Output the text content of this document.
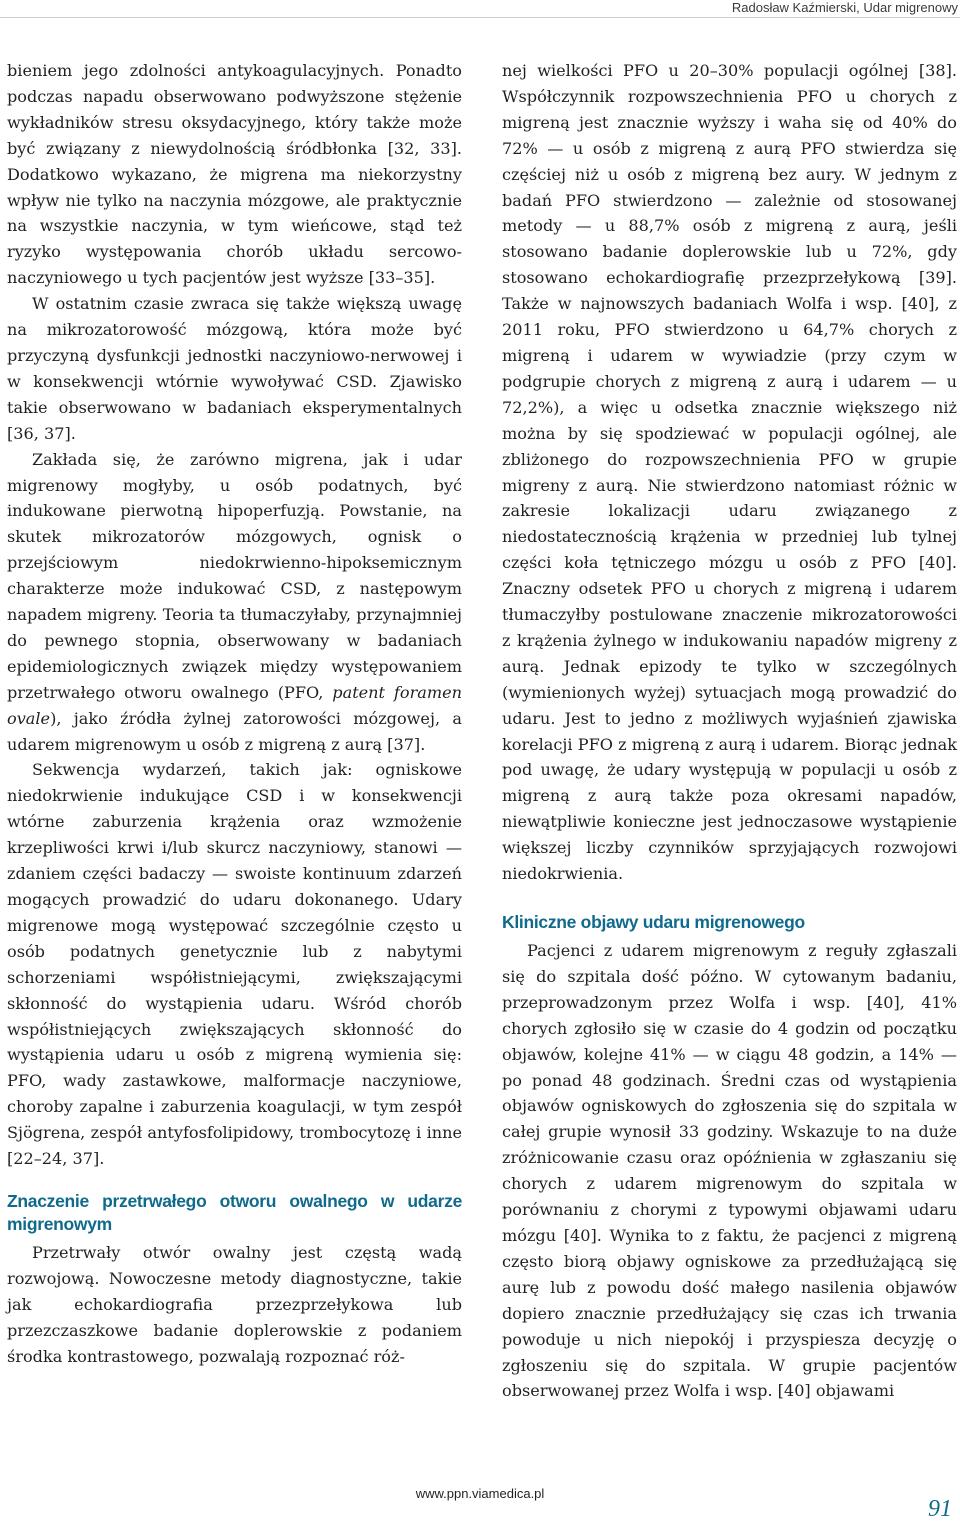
Radosław Kaźmierski, Udar migrenowy

bieniem jego zdolności antykoagulacyjnych. Ponadto podczas napadu obserwowano podwyższone stężenie wykładników stresu oksydacyjnego, który także może być związany z niewydolnością śródbłonka [32, 33]. Dodatkowo wykazano, że migrena ma niekorzystny wpływ nie tylko na naczynia mózgowe, ale praktycznie na wszystkie naczynia, w tym wieńcowe, stąd też ryzyko występowania chorób układu sercowo-naczyniowego u tych pacjentów jest wyższe [33–35].

W ostatnim czasie zwraca się także większą uwagę na mikrozatorowość mózgową, która może być przyczyną dysfunkcji jednostki naczyniowo-nerwowej i w konsekwencji wtórnie wywoływać CSD. Zjawisko takie obserwowano w badaniach eksperymentalnych [36, 37].

Zakłada się, że zarówno migrena, jak i udar migrenowy mogłyby, u osób podatnych, być indukowane pierwotną hipoperfuzją. Powstanie, na skutek mikrozatorów mózgowych, ognisk o przejściowym niedokrwienno-hipoksemicznym charakterze może indukować CSD, z następowym napadem migreny. Teoria ta tłumaczyłaby, przynajmniej do pewnego stopnia, obserwowany w badaniach epidemiologicznych związek między występowaniem przetrwałego otworu owalnego (PFO, patent foramen ovale), jako źródła żylnej zatorowości mózgowej, a udarem migrenowym u osób z migreną z aurą [37].

Sekwencja wydarzeń, takich jak: ogniskowe niedokrwienie indukujące CSD i w konsekwencji wtórne zaburzenia krążenia oraz wzmożenie krzepliwości krwi i/lub skurcz naczyniowy, stanowi — zdaniem części badaczy — swoiste kontinuum zdarzeń mogących prowadzić do udaru dokonanego. Udary migrenowe mogą występować szczególnie często u osób podatnych genetycznie lub z nabytymi schorzeniami współistniejącymi, zwiększającymi skłonność do wystąpienia udaru. Wśród chorób współistniejących zwiększających skłonność do wystąpienia udaru u osób z migreną wymienia się: PFO, wady zastawkowe, malformacje naczyniowe, choroby zapalne i zaburzenia koagulacji, w tym zespół Sjögrena, zespół antyfosfolipidowy, trombocytozę i inne [22–24, 37].

Znaczenie przetrwałego otworu owalnego w udarze migrenowym

Przetrwały otwór owalny jest częstą wadą rozwojową. Nowoczesne metody diagnostyczne, takie jak echokardiografia przezprzełykowa lub przezczaszkowe badanie doplerowskie z podaniem środka kontrastowego, pozwalają rozpoznać róż-

nej wielkości PFO u 20–30% populacji ogólnej [38]. Współczynnik rozpowszechnienia PFO u chorych z migreną jest znacznie wyższy i waha się od 40% do 72% — u osób z migreną z aurą PFO stwierdza się częściej niż u osób z migreną bez aury. W jednym z badań PFO stwierdzono — zależnie od stosowanej metody — u 88,7% osób z migreną z aurą, jeśli stosowano badanie doplerowskie lub u 72%, gdy stosowano echokardiografię przezprzełykową [39]. Także w najnowszych badaniach Wolfa i wsp. [40], z 2011 roku, PFO stwierdzono u 64,7% chorych z migreną i udarem w wywiadzie (przy czym w podgrupie chorych z migreną z aurą i udarem — u 72,2%), a więc u odsetka znacznie większego niż można by się spodziewać w populacji ogólnej, ale zbliżonego do rozpowszechnienia PFO w grupie migreny z aurą. Nie stwierdzono natomiast różnic w zakresie lokalizacji udaru związanego z niedostatecznością krążenia w przedniej lub tylnej części koła tętniczego mózgu u osób z PFO [40]. Znaczny odsetek PFO u chorych z migreną i udarem tłumaczyłby postulowane znaczenie mikrozatorowości z krążenia żylnego w indukowaniu napadów migreny z aurą. Jednak epizody te tylko w szczególnych (wymienionych wyżej) sytuacjach mogą prowadzić do udaru. Jest to jedno z możliwych wyjaśnień zjawiska korelacji PFO z migreną z aurą i udarem. Biorąc jednak pod uwagę, że udary występują w populacji u osób z migreną z aurą także poza okresami napadów, niewątpliwie konieczne jest jednoczasowe wystąpienie większej liczby czynników sprzyjających rozwojowi niedokrwienia.

Kliniczne objawy udaru migrenowego

Pacjenci z udarem migrenowym z reguły zgłaszali się do szpitala dość późno. W cytowanym badaniu, przeprowadzonym przez Wolfa i wsp. [40], 41% chorych zgłosiło się w czasie do 4 godzin od początku objawów, kolejne 41% — w ciągu 48 godzin, a 14% — po ponad 48 godzinach. Średni czas od wystąpienia objawów ogniskowych do zgłoszenia się do szpitala w całej grupie wynosił 33 godziny. Wskazuje to na duże zróżnicowanie czasu oraz opóźnienia w zgłaszaniu się chorych z udarem migrenowym do szpitala w porównaniu z chorymi z typowymi objawami udaru mózgu [40]. Wynika to z faktu, że pacjenci z migreną często biorą objawy ogniskowe za przedłużającą się aurę lub z powodu dość małego nasilenia objawów dopiero znacznie przedłużający się czas ich trwania powoduje u nich niepokój i przyspiesza decyzję o zgłoszeniu się do szpitala. W grupie pacjentów obserwowanej przez Wolfa i wsp. [40] objawami

www.ppn.viamedica.pl
91
